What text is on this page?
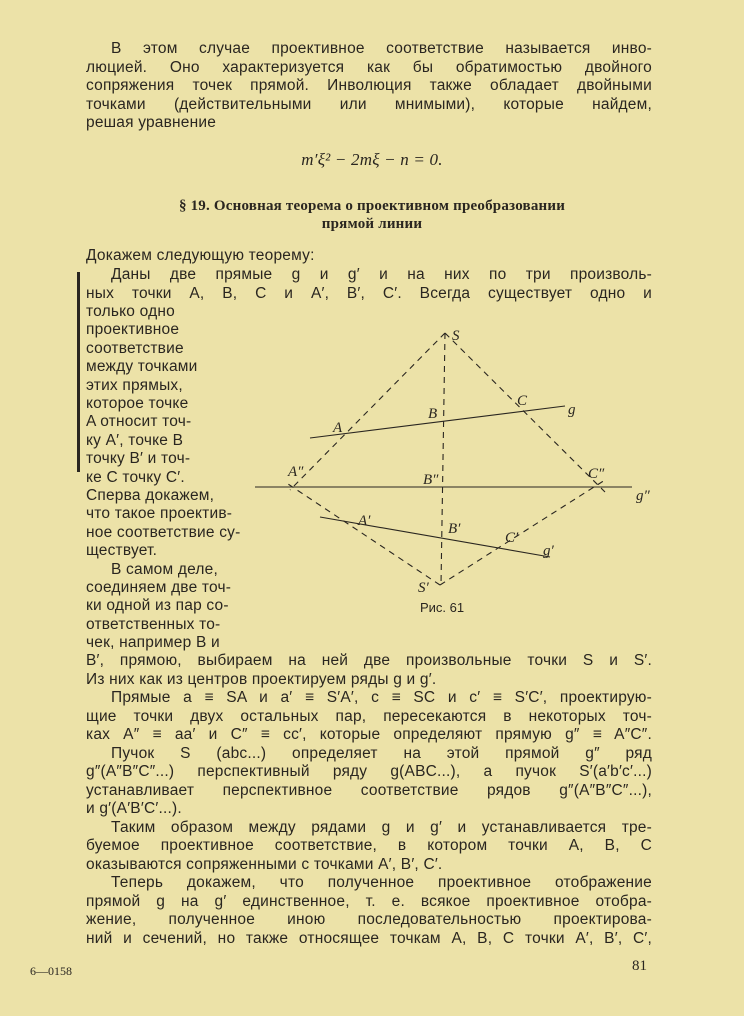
В этом случае проективное соответствие называется инво-
люцией. Оно характеризуется как бы обратимостью двойного
сопряжения точек прямой. Инволюция также обладает двойными
точками (действительными или мнимыми), которые найдем,
решая уравнение
m′ξ² − 2mξ − n = 0.
§ 19. Основная теорема о проективном преобразовании
прямой линии
Докажем следующую теорему:
Даны две прямые g и g′ и на них по три произволь-
ных точки A, B, C и A′, B′, C′. Всегда существует одно и
только одно
проективное
соответствие
между точками
этих прямых,
которое точке
A относит точ-
ку A′, точке B
точку B′ и точ-
ке C точку C′.
Сперва докажем,
что такое проектив-
ное соответствие су-
ществует.
В самом деле,
соединяем две точ-
ки одной из пар со-
ответственных то-
чек, например B и
B′, прямою, выбираем на ней две произвольные точки S и S′.
Из них как из центров проектируем ряды g и g′.
Прямые a ≡ SA и a′ ≡ S′A′, c ≡ SC и c′ ≡ S′C′, проектирую-
щие точки двух остальных пар, пересекаются в некоторых точ-
ках A″ ≡ aa′ и C″ ≡ cc′, которые определяют прямую g″ ≡ A″C″.
Пучок S (abc...) определяет на этой прямой g″ ряд
g″(A″B″C″...) перспективный ряду g(ABC...), а пучок S′(a′b′c′...)
устанавливает перспективное соответствие рядов g″(A″B″C″...),
и g′(A′B′C′...).
Таким образом между рядами g и g′ и устанавливается тре-
буемое проективное соответствие, в котором точки A, B, C
оказываются сопряженными с точками A′, B′, C′.
Теперь докажем, что полученное проективное отображение
прямой g на g′ единственное, т. е. всякое проективное отобра-
жение, полученное иною последовательностью проектирова-
ний и сечений, но также относящее точкам A, B, C точки A′, B′, C′,
S
S′
A
B
C
g
A″	B″	C″
g″
A′	B′
C′
g′
Рис. 61
6—0158	81
